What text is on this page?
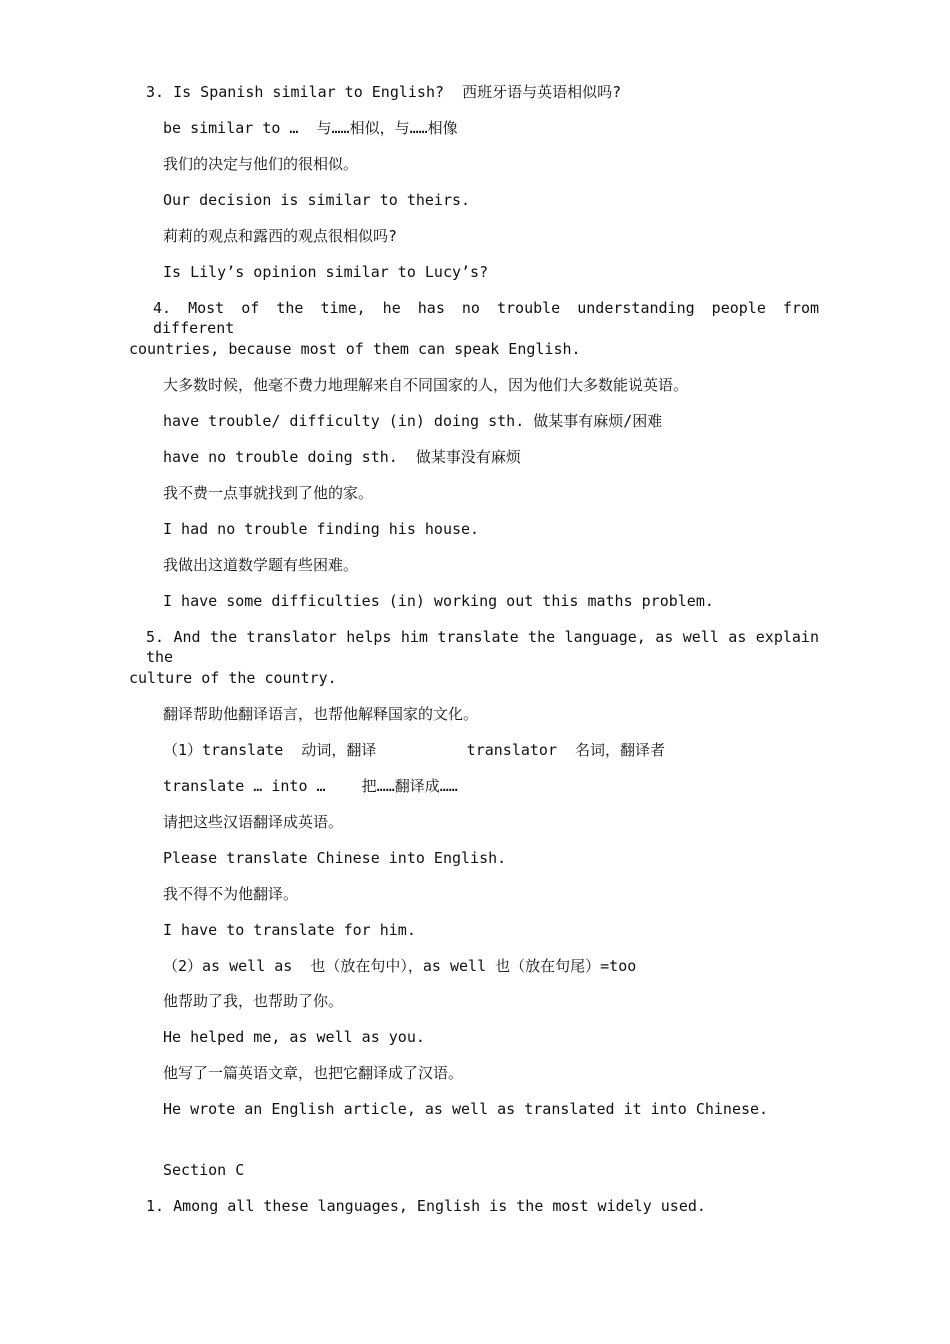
3. Is Spanish similar to English?  西班牙语与英语相似吗?
be similar to …  与……相似，与……相像
我们的决定与他们的很相似。
Our decision is similar to theirs.
莉莉的观点和露西的观点很相似吗?
Is Lily’s opinion similar to Lucy’s?
4. Most of the time, he has no trouble understanding people from different
countries, because most of them can speak English.
大多数时候，他毫不费力地理解来自不同国家的人，因为他们大多数能说英语。
have trouble/ difficulty (in) doing sth. 做某事有麻烦/困难
have no trouble doing sth.  做某事没有麻烦
我不费一点事就找到了他的家。
I had no trouble finding his house.
我做出这道数学题有些困难。
I have some difficulties (in) working out this maths problem.
5. And the translator helps him translate the language, as well as explain the
culture of the country.
翻译帮助他翻译语言，也帮他解释国家的文化。
（1）translate  动词，翻译          translator  名词，翻译者
translate … into …    把……翻译成……
请把这些汉语翻译成英语。
Please translate Chinese into English.
我不得不为他翻译。
I have to translate for him.
（2）as well as  也（放在句中），as well 也（放在句尾）=too
他帮助了我，也帮助了你。
He helped me, as well as you.
他写了一篇英语文章，也把它翻译成了汉语。
He wrote an English article, as well as translated it into Chinese.
Section C
1. Among all these languages, English is the most widely used.
